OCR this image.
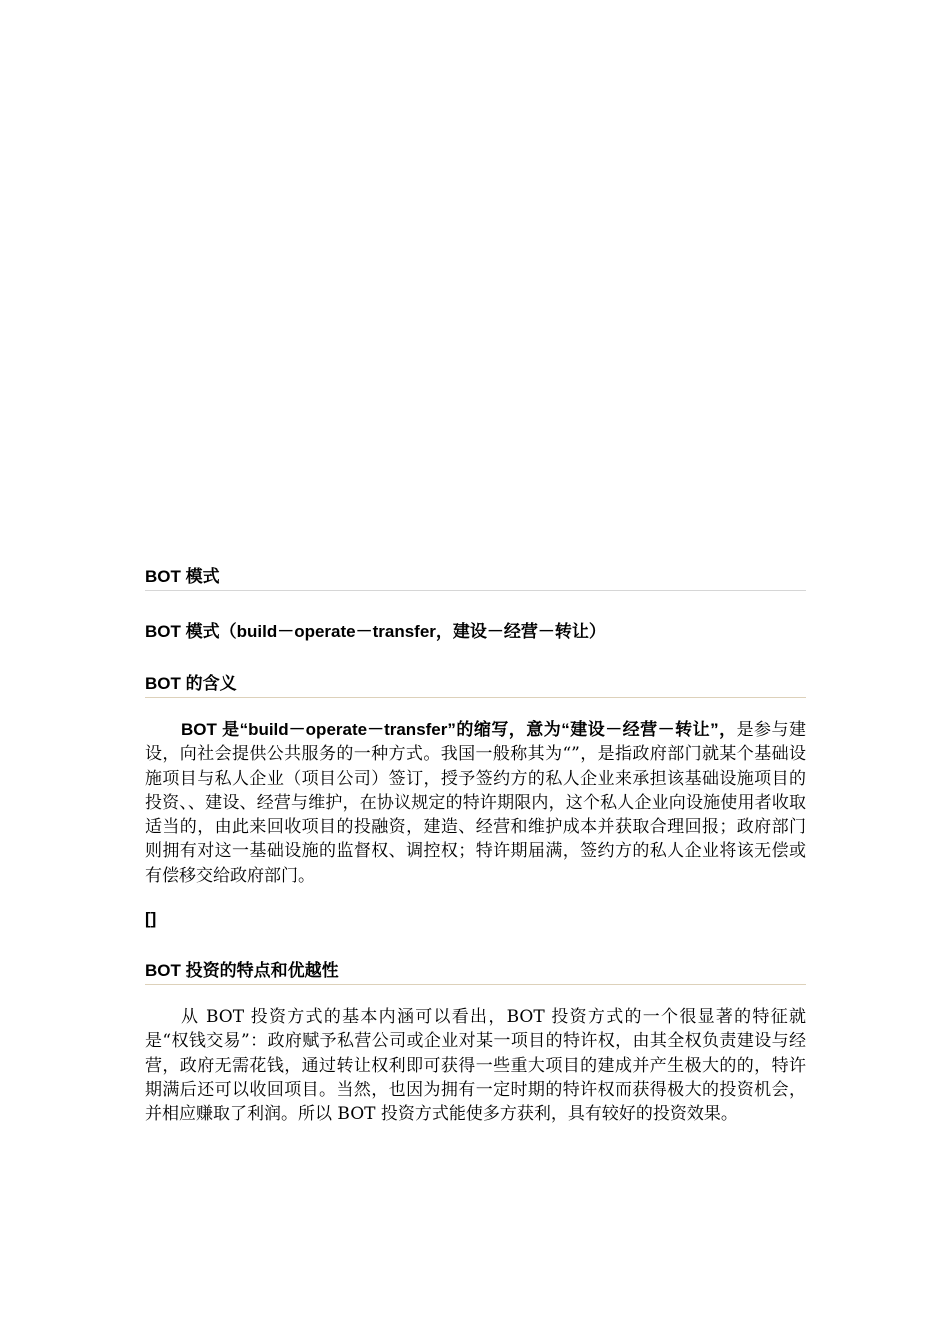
BOT 模式

BOT 模式（build－operate－transfer，建设－经营－转让）

BOT 的含义

BOT 是“build－operate－transfer”的缩写，意为“建设－经营－转让”，是参与建设，向社会提供公共服务的一种方式。我国一般称其为“”，是指政府部门就某个基础设施项目与私人企业（项目公司）签订，授予签约方的私人企业来承担该基础设施项目的投资、、建设、经营与维护，在协议规定的特许期限内，这个私人企业向设施使用者收取适当的，由此来回收项目的投融资，建造、经营和维护成本并获取合理回报；政府部门则拥有对这一基础设施的监督权、调控权；特许期届满，签约方的私人企业将该无偿或有偿移交给政府部门。

[]

BOT 投资的特点和优越性

从 BOT 投资方式的基本内涵可以看出，BOT 投资方式的一个很显著的特征就是“权钱交易”：政府赋予私营公司或企业对某一项目的特许权，由其全权负责建设与经营，政府无需花钱，通过转让权利即可获得一些重大项目的建成并产生极大的的，特许期满后还可以收回项目。当然，也因为拥有一定时期的特许权而获得极大的投资机会，并相应赚取了利润。所以 BOT 投资方式能使多方获利，具有较好的投资效果。
